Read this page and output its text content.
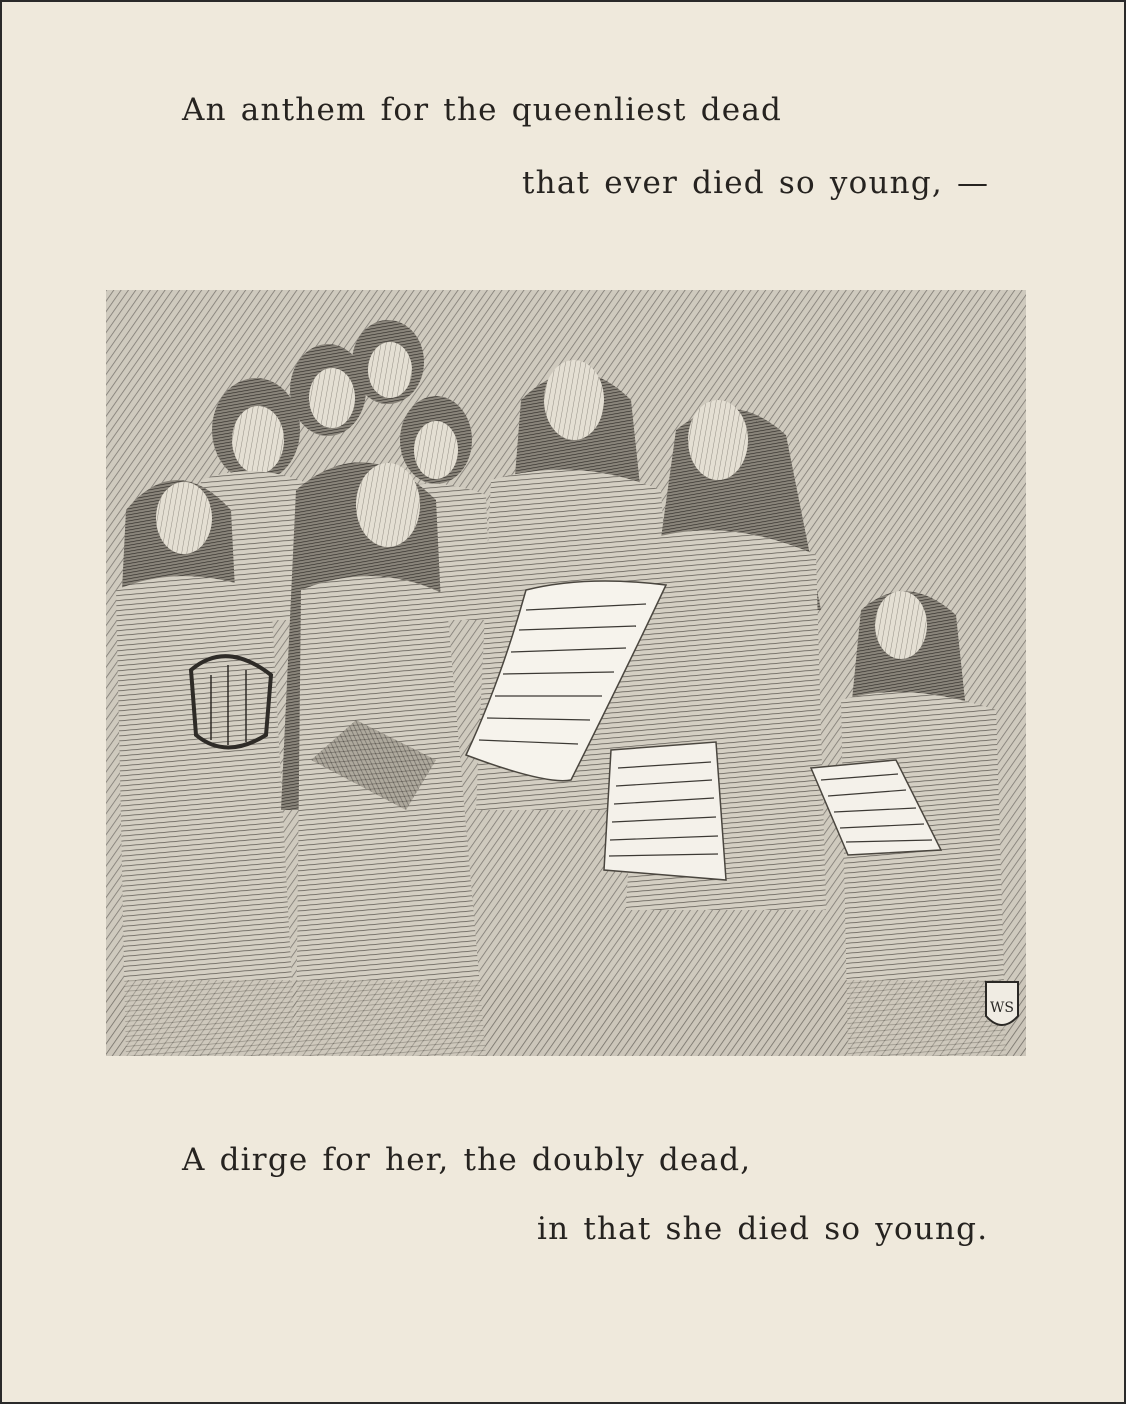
An anthem for the queenliest dead
that ever died so young, —
WS
A dirge for her, the doubly dead,
in that she died so young.
